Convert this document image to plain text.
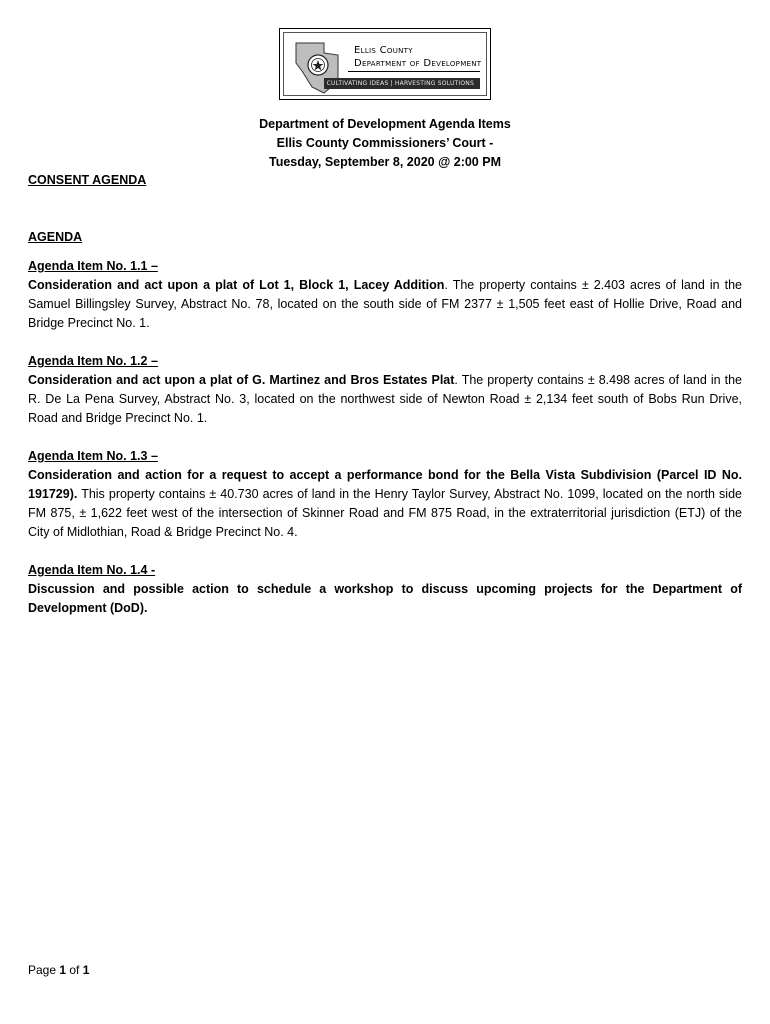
Ellis County
Department of Development
CULTIVATING IDEAS | HARVESTING SOLUTIONS
Department of Development Agenda Items
Ellis County Commissioners’ Court -
Tuesday, September 8, 2020 @ 2:00 PM
CONSENT AGENDA
AGENDA
Agenda Item No. 1.1 –
Consideration and act upon a plat of Lot 1, Block 1, Lacey Addition. The property contains ± 2.403 acres of land in the Samuel Billingsley Survey, Abstract No. 78, located on the south side of FM 2377 ± 1,505 feet east of Hollie Drive, Road and Bridge Precinct No. 1.
Agenda Item No. 1.2 –
Consideration and act upon a plat of G. Martinez and Bros Estates Plat. The property contains ± 8.498 acres of land in the R. De La Pena Survey, Abstract No. 3, located on the northwest side of Newton Road ± 2,134 feet south of Bobs Run Drive, Road and Bridge Precinct No. 1.
Agenda Item No. 1.3 –
Consideration and action for a request to accept a performance bond for the Bella Vista Subdivision (Parcel ID No. 191729). This property contains ± 40.730 acres of land in the Henry Taylor Survey, Abstract No. 1099, located on the north side FM 875, ± 1,622 feet west of the intersection of Skinner Road and FM 875 Road, in the extraterritorial jurisdiction (ETJ) of the City of Midlothian, Road & Bridge Precinct No. 4.
Agenda Item No. 1.4 -
Discussion and possible action to schedule a workshop to discuss upcoming projects for the Department of Development (DoD).
Page 1 of 1
